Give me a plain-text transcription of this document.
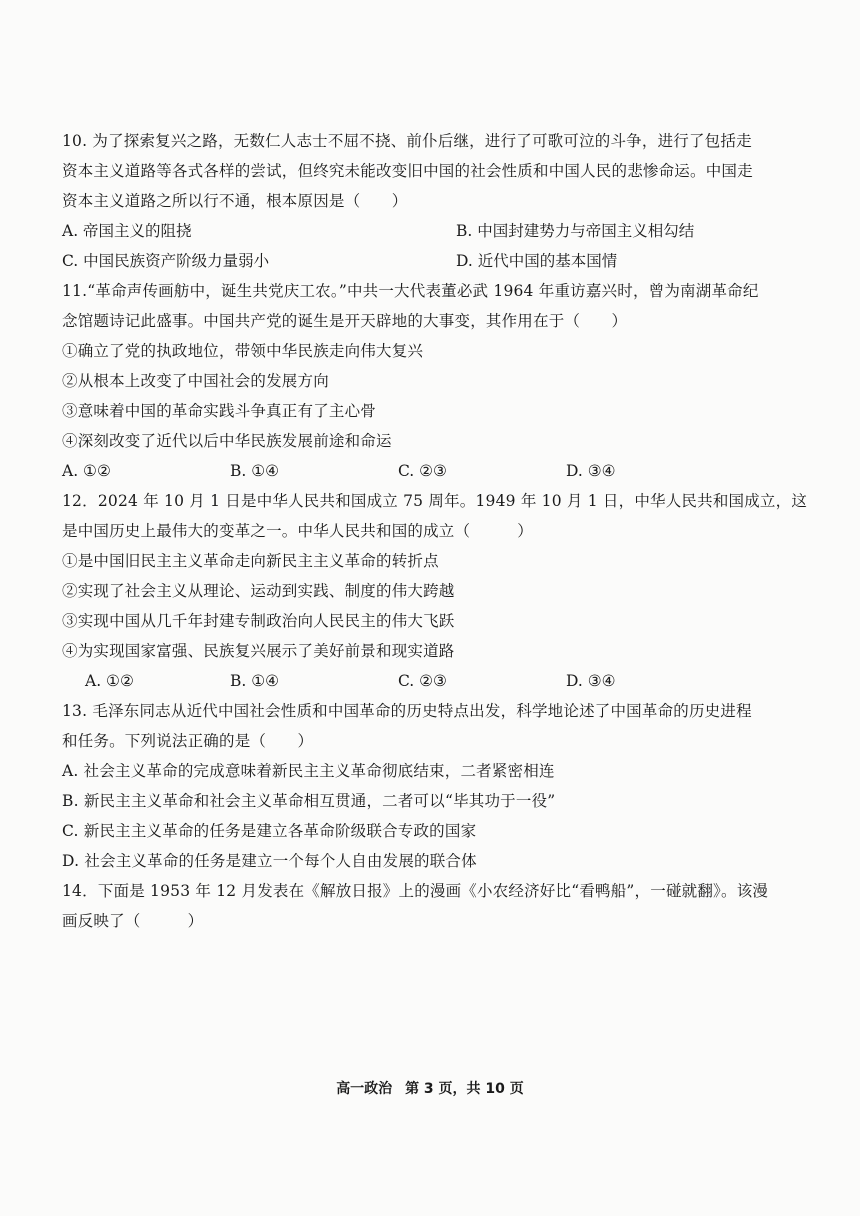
10. 为了探索复兴之路，无数仁人志士不屈不挠、前仆后继，进行了可歌可泣的斗争，进行了包括走
资本主义道路等各式各样的尝试，但终究未能改变旧中国的社会性质和中国人民的悲惨命运。中国走
资本主义道路之所以行不通，根本原因是（　　）
A. 帝国主义的阻挠	B. 中国封建势力与帝国主义相勾结
C. 中国民族资产阶级力量弱小	D. 近代中国的基本国情
11.“革命声传画舫中，诞生共党庆工农。”中共一大代表董必武 1964 年重访嘉兴时，曾为南湖革命纪
念馆题诗记此盛事。中国共产党的诞生是开天辟地的大事变，其作用在于（　　）
①确立了党的执政地位，带领中华民族走向伟大复兴
②从根本上改变了中国社会的发展方向
③意味着中国的革命实践斗争真正有了主心骨
④深刻改变了近代以后中华民族发展前途和命运
A. ①②	B. ①④	C. ②③	D. ③④
12．2024 年 10 月 1 日是中华人民共和国成立 75 周年。1949 年 10 月 1 日，中华人民共和国成立，这
是中国历史上最伟大的变革之一。中华人民共和国的成立（　　　）
①是中国旧民主主义革命走向新民主主义革命的转折点
②实现了社会主义从理论、运动到实践、制度的伟大跨越
③实现中国从几千年封建专制政治向人民民主的伟大飞跃
④为实现国家富强、民族复兴展示了美好前景和现实道路
A. ①②	B. ①④	C. ②③	D. ③④
13. 毛泽东同志从近代中国社会性质和中国革命的历史特点出发，科学地论述了中国革命的历史进程
和任务。下列说法正确的是（　　）
A. 社会主义革命的完成意味着新民主主义革命彻底结束，二者紧密相连
B. 新民主主义革命和社会主义革命相互贯通，二者可以“毕其功于一役”
C. 新民主主义革命的任务是建立各革命阶级联合专政的国家
D. 社会主义革命的任务是建立一个每个人自由发展的联合体
14．下面是 1953 年 12 月发表在《解放日报》上的漫画《小农经济好比“看鸭船”，一碰就翻》。该漫
画反映了（　　　）
高一政治 第 3 页，共 10 页
